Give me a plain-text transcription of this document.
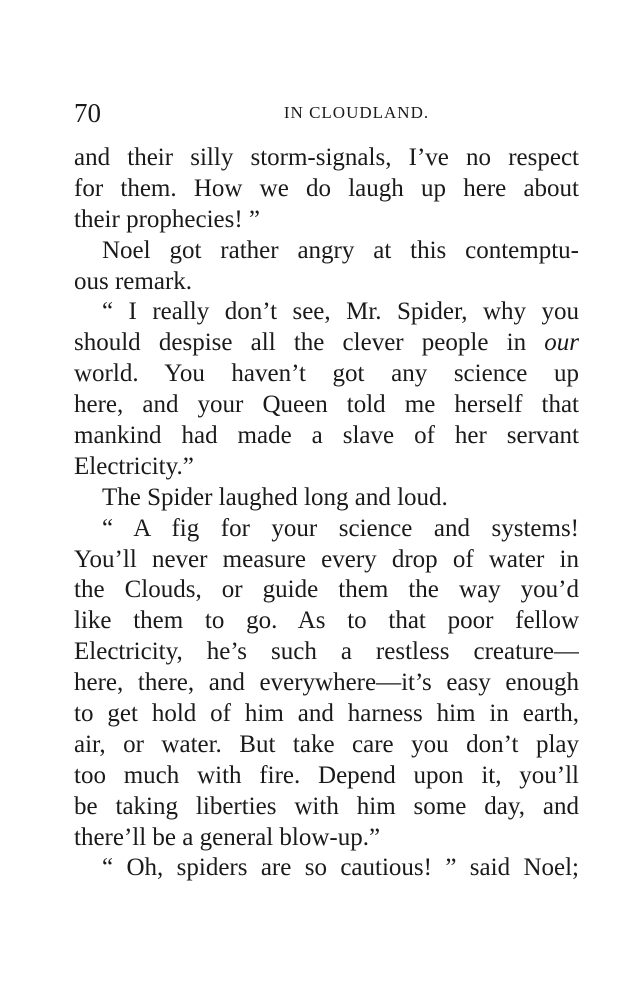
70	IN CLOUDLAND.
and their silly storm-signals, I’ve no respect
for them. How we do laugh up here about
their prophecies! ”
Noel got rather angry at this contemptu-
ous remark.
“ I really don’t see, Mr. Spider, why you
should despise all the clever people in our
world. You haven’t got any science up
here, and your Queen told me herself that
mankind had made a slave of her servant
Electricity.”
The Spider laughed long and loud.
“ A fig for your science and systems!
You’ll never measure every drop of water in
the Clouds, or guide them the way you’d
like them to go. As to that poor fellow
Electricity, he’s such a restless creature—
here, there, and everywhere—it’s easy enough
to get hold of him and harness him in earth,
air, or water. But take care you don’t play
too much with fire. Depend upon it, you’ll
be taking liberties with him some day, and
there’ll be a general blow-up.”
“ Oh, spiders are so cautious! ” said Noel;
